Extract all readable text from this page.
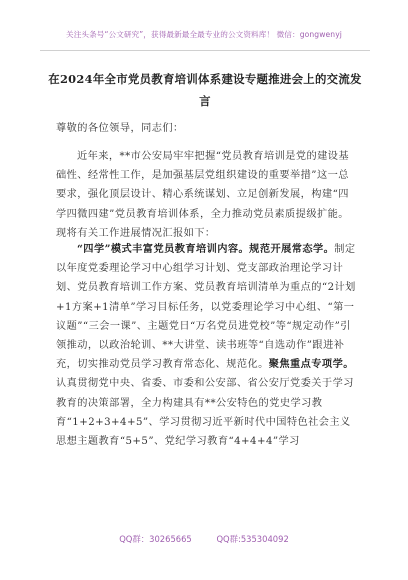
关注头条号“公文研究”，获得最新最全最专业的公文资料库！ 微信：gongwenyj
在2024年全市党员教育培训体系建设专题推进会上的交流发言
尊敬的各位领导，同志们：
近年来，**市公安局牢牢把握“党员教育培训是党的建设基础性、经常性工作，是加强基层党组织建设的重要举措”这一总要求，强化顶层设计、精心系统谋划、立足创新发展，构建“四学四微四建”党员教育培训体系，全力推动党员素质提级扩能。现将有关工作进展情况汇报如下：
“四学”模式丰富党员教育培训内容。规范开展常态学。制定以年度党委理论学习中心组学习计划、党支部政治理论学习计划、党员教育培训工作方案、党员教育培训清单为重点的“2计划+1方案+1清单”学习目标任务，以党委理论学习中心组、“第一议题”“三会一课”、主题党日“万名党员进党校”等“规定动作”引领推动，以政治轮训、**大讲堂、读书班等“自选动作”跟进补充，切实推动党员学习教育常态化、规范化。聚焦重点专项学。认真贯彻党中央、省委、市委和公安部、省公安厅党委关于学习教育的决策部署，全力构建具有**公安特色的党史学习教育“1+2+3+4+5”、学习贯彻习近平新时代中国特色社会主义思想主题教育“5+5”、党纪学习教育“4+4+4”学习
QQ群：30265665	QQ群:535304092
